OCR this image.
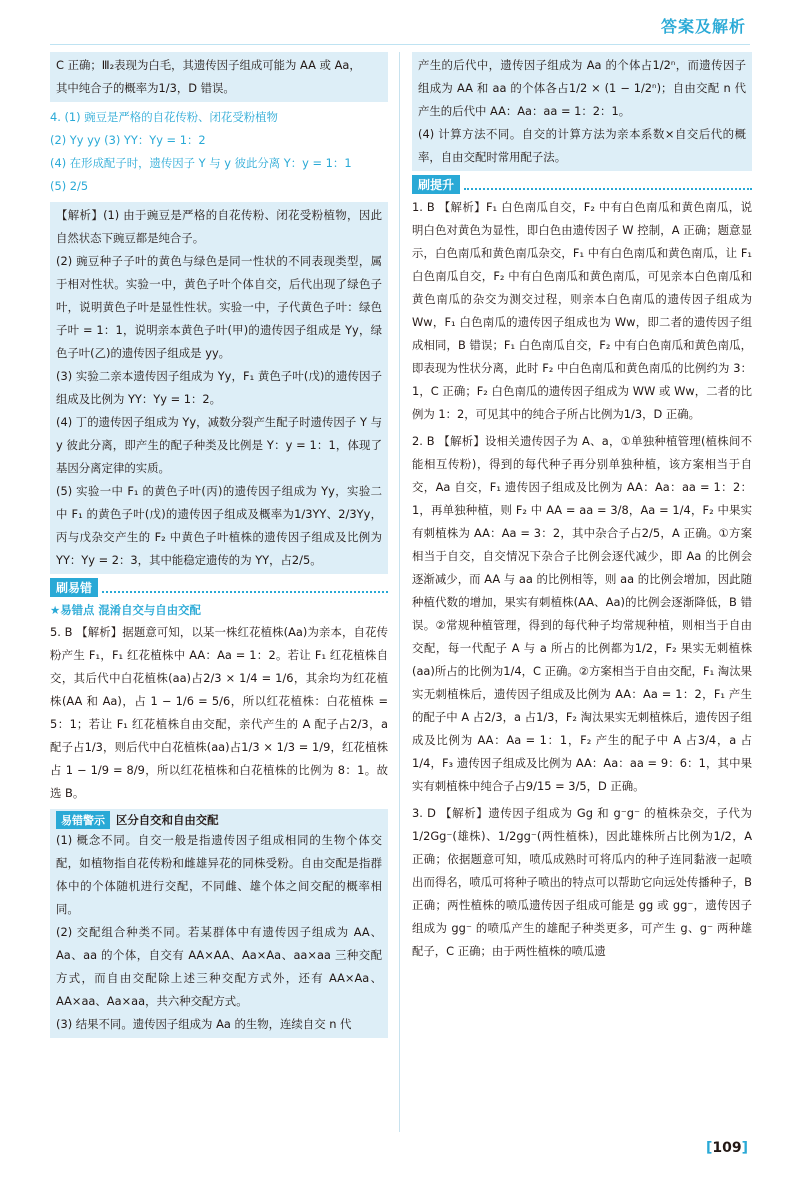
答案及解析

C 正确；Ⅲ₂表现为白毛，其遗传因子组成可能为 AA 或 Aa，

其中纯合子的概率为1/3，D 错误。

4. (1) 豌豆是严格的自花传粉、闭花受粉植物

(2) Yy yy (3) YY：Yy = 1：2

(4) 在形成配子时，遗传因子 Y 与 y 彼此分离 Y：y = 1：1

(5) 2/5

【解析】(1) 由于豌豆是严格的自花传粉、闭花受粉植物，因此自然状态下豌豆都是纯合子。

(2) 豌豆种子子叶的黄色与绿色是同一性状的不同表现类型，属于相对性状。实验一中，黄色子叶个体自交，后代出现了绿色子叶，说明黄色子叶是显性性状。实验一中，子代黄色子叶：绿色子叶 = 1：1，说明亲本黄色子叶(甲)的遗传因子组成是 Yy，绿色子叶(乙)的遗传因子组成是 yy。

(3) 实验二亲本遗传因子组成为 Yy，F₁ 黄色子叶(戊)的遗传因子组成及比例为 YY：Yy = 1：2。

(4) 丁的遗传因子组成为 Yy，减数分裂产生配子时遗传因子 Y 与 y 彼此分离，即产生的配子种类及比例是 Y：y = 1：1，体现了基因分离定律的实质。

(5) 实验一中 F₁ 的黄色子叶(丙)的遗传因子组成为 Yy，实验二中 F₁ 的黄色子叶(戊)的遗传因子组成及概率为1/3YY、2/3Yy，丙与戊杂交产生的 F₂ 中黄色子叶植株的遗传因子组成及比例为 YY：Yy = 2：3，其中能稳定遗传的为 YY，占2/5。

刷易错
★易错点 混淆自交与自由交配

5. B 【解析】据题意可知，以某一株红花植株(Aa)为亲本，自花传粉产生 F₁，F₁ 红花植株中 AA：Aa = 1：2。若让 F₁ 红花植株自交，其后代中白花植株(aa)占2/3 × 1/4 = 1/6，其余均为红花植株(AA 和 Aa)，占 1 − 1/6 = 5/6，所以红花植株：白花植株 = 5：1；若让 F₁ 红花植株自由交配，亲代产生的 A 配子占2/3，a 配子占1/3，则后代中白花植株(aa)占1/3 × 1/3 = 1/9，红花植株占 1 − 1/9 = 8/9，所以红花植株和白花植株的比例为 8：1。故选 B。

易错警示 区分自交和自由交配

(1) 概念不同。自交一般是指遗传因子组成相同的生物个体交配，如植物指自花传粉和雌雄异花的同株受粉。自由交配是指群体中的个体随机进行交配，不同雌、雄个体之间交配的概率相同。

(2) 交配组合种类不同。若某群体中有遗传因子组成为 AA、Aa、aa 的个体，自交有 AA×AA、Aa×Aa、aa×aa 三种交配方式，而自由交配除上述三种交配方式外，还有 AA×Aa、AA×aa、Aa×aa，共六种交配方式。

(3) 结果不同。遗传因子组成为 Aa 的生物，连续自交 n 代

产生的后代中，遗传因子组成为 Aa 的个体占1/2ⁿ，而遗传因子组成为 AA 和 aa 的个体各占1/2 × (1 − 1/2ⁿ)；自由交配 n 代产生的后代中 AA：Aa：aa = 1：2：1。

(4) 计算方法不同。自交的计算方法为亲本系数×自交后代的概率，自由交配时常用配子法。

刷提升

1. B 【解析】F₁ 白色南瓜自交，F₂ 中有白色南瓜和黄色南瓜，说明白色对黄色为显性，即白色由遗传因子 W 控制，A 正确；题意显示，白色南瓜和黄色南瓜杂交，F₁ 中有白色南瓜和黄色南瓜，让 F₁ 白色南瓜自交，F₂ 中有白色南瓜和黄色南瓜，可见亲本白色南瓜和黄色南瓜的杂交为测交过程，则亲本白色南瓜的遗传因子组成为 Ww，F₁ 白色南瓜的遗传因子组成也为 Ww，即二者的遗传因子组成相同，B 错误；F₁ 白色南瓜自交，F₂ 中有白色南瓜和黄色南瓜，即表现为性状分离，此时 F₂ 中白色南瓜和黄色南瓜的比例约为 3：1，C 正确；F₂ 白色南瓜的遗传因子组成为 WW 或 Ww，二者的比例为 1：2，可见其中的纯合子所占比例为1/3，D 正确。

2. B 【解析】设相关遗传因子为 A、a，①单独种植管理(植株间不能相互传粉)，得到的每代种子再分别单独种植，该方案相当于自交，Aa 自交，F₁ 遗传因子组成及比例为 AA：Aa：aa = 1：2：1，再单独种植，则 F₂ 中 AA = aa = 3/8，Aa = 1/4，F₂ 中果实有刺植株为 AA：Aa = 3：2，其中杂合子占2/5，A 正确。①方案相当于自交，自交情况下杂合子比例会逐代减少，即 Aa 的比例会逐渐减少，而 AA 与 aa 的比例相等，则 aa 的比例会增加，因此随种植代数的增加，果实有刺植株(AA、Aa)的比例会逐渐降低，B 错误。②常规种植管理，得到的每代种子均常规种植，则相当于自由交配，每一代配子 A 与 a 所占的比例都为1/2，F₂ 果实无刺植株(aa)所占的比例为1/4，C 正确。②方案相当于自由交配，F₁ 淘汰果实无刺植株后，遗传因子组成及比例为 AA：Aa = 1：2，F₁ 产生的配子中 A 占2/3，a 占1/3，F₂ 淘汰果实无刺植株后，遗传因子组成及比例为 AA：Aa = 1：1，F₂ 产生的配子中 A 占3/4，a 占1/4，F₃ 遗传因子组成及比例为 AA：Aa：aa = 9：6：1，其中果实有刺植株中纯合子占9/15 = 3/5，D 正确。

3. D 【解析】遗传因子组成为 Gg 和 g⁻g⁻ 的植株杂交，子代为1/2Gg⁻(雄株)、1/2gg⁻(两性植株)，因此雄株所占比例为1/2，A 正确；依据题意可知，喷瓜成熟时可将瓜内的种子连同黏液一起喷出而得名，喷瓜可将种子喷出的特点可以帮助它向远处传播种子，B 正确；两性植株的喷瓜遗传因子组成可能是 gg 或 gg⁻，遗传因子组成为 gg⁻ 的喷瓜产生的雄配子种类更多，可产生 g、g⁻ 两种雄配子，C 正确；由于两性植株的喷瓜遗

[109]
